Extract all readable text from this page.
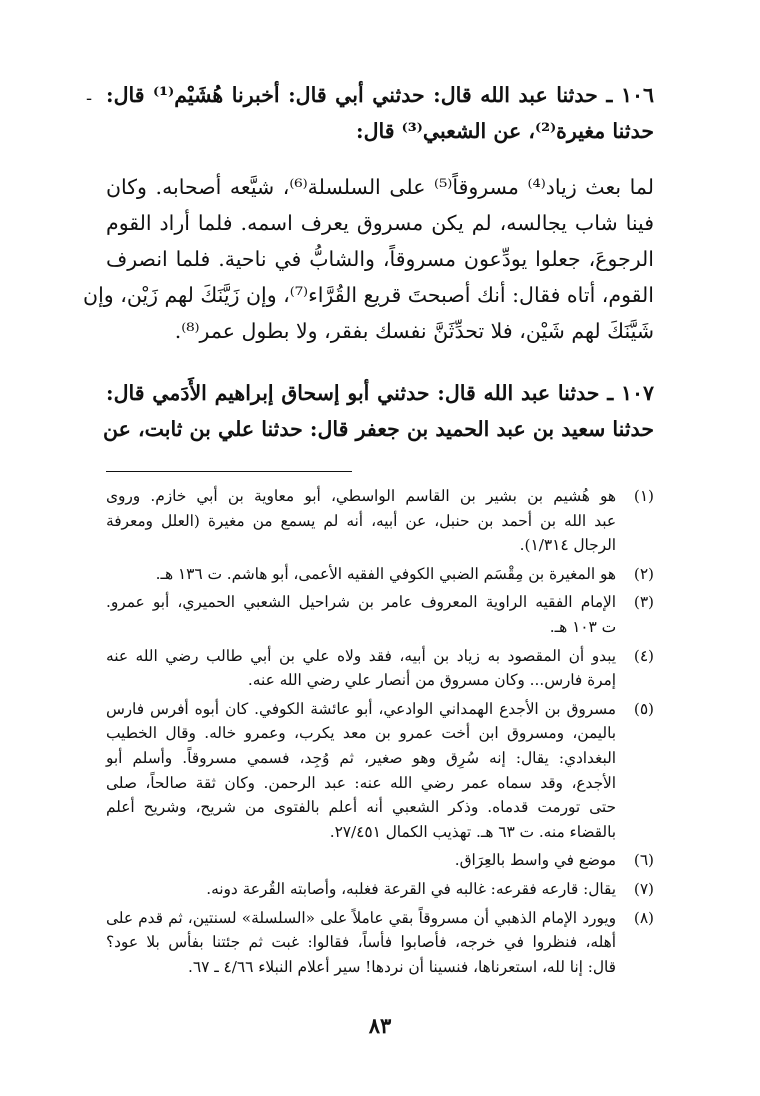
١٠٦ ـ حدثنا عبد الله قال: حدثني أبي قال: أخبرنا هُشَيْم⁽¹⁾ قال:
حدثنا مغيرة⁽²⁾، عن الشعبي⁽³⁾ قال:
لما بعث زياد⁽⁴⁾ مسروقاً⁽⁵⁾ على السلسلة⁽⁶⁾، شيَّعه أصحابه. وكان
فينا شاب يجالسه، لم يكن مسروق يعرف اسمه. فلما أراد القوم
الرجوعَ، جعلوا يودِّعون مسروقاً، والشابُّ في ناحية. فلما انصرف
القوم، أتاه فقال: أنك أصبحتَ قريع القُرَّاء⁽⁷⁾، وإن زَيَّنَكَ لهم زَيْن، وإن
شَيَّنَكَ لهم شَيْن، فلا تحدِّثَنَّ نفسك بفقر، ولا بطول عمر⁽⁸⁾.
١٠٧ ـ حدثنا عبد الله قال: حدثني أبو إسحاق إبراهيم الأَدَمي قال:
حدثنا سعيد بن عبد الحميد بن جعفر قال: حدثنا علي بن ثابت، عن
-
(١)
هو هُشيم بن بشير بن القاسم الواسطي، أبو معاوية بن أبي خازم. وروى
عبد الله بن أحمد بن حنبل، عن أبيه، أنه لم يسمع من مغيرة (العلل ومعرفة
الرجال ١/٣١٤).
(٢)
هو المغيرة بن مِقْسَم الضبي الكوفي الفقيه الأعمى، أبو هاشم. ت ١٣٦ هـ.
(٣)
الإمام الفقيه الراوية المعروف عامر بن شراحيل الشعبي الحميري، أبو عمرو.
ت ١٠٣ هـ.
(٤)
يبدو أن المقصود به زياد بن أبيه، فقد ولاه علي بن أبي طالب رضي الله عنه
إمرة فارس... وكان مسروق من أنصار علي رضي الله عنه.
(٥)
مسروق بن الأجدع الهمداني الوادعي، أبو عائشة الكوفي. كان أبوه أفرس فارس
باليمن، ومسروق ابن أخت عمرو بن معد يكرب، وعمرو خاله. وقال الخطيب
البغدادي: يقال: إنه سُرِق وهو صغير، ثم وُجِد، فسمي مسروقاً. وأسلم أبو
الأجدع، وقد سماه عمر رضي الله عنه: عبد الرحمن. وكان ثقة صالحاً، صلى
حتى تورمت قدماه. وذكر الشعبي أنه أعلم بالفتوى من شريح، وشريح أعلم
بالقضاء منه. ت ٦٣ هـ. تهذيب الكمال ٢٧/٤٥١.
(٦)
موضع في واسط بالعِرَاق.
(٧)
يقال: قارعه فقرعه: غالبه في القرعة فغلبه، وأصابته القُرعة دونه.
(٨)
ويورد الإمام الذهبي أن مسروقاً بقي عاملاً على «السلسلة» لسنتين، ثم قدم على
أهله، فنظروا في خرجه، فأصابوا فأساً، فقالوا: غبت ثم جئتنا بفأس بلا عود؟
قال: إنا لله، استعرناها، فنسينا أن نردها! سير أعلام النبلاء ٤/٦٦ ـ ٦٧.
٨٣
